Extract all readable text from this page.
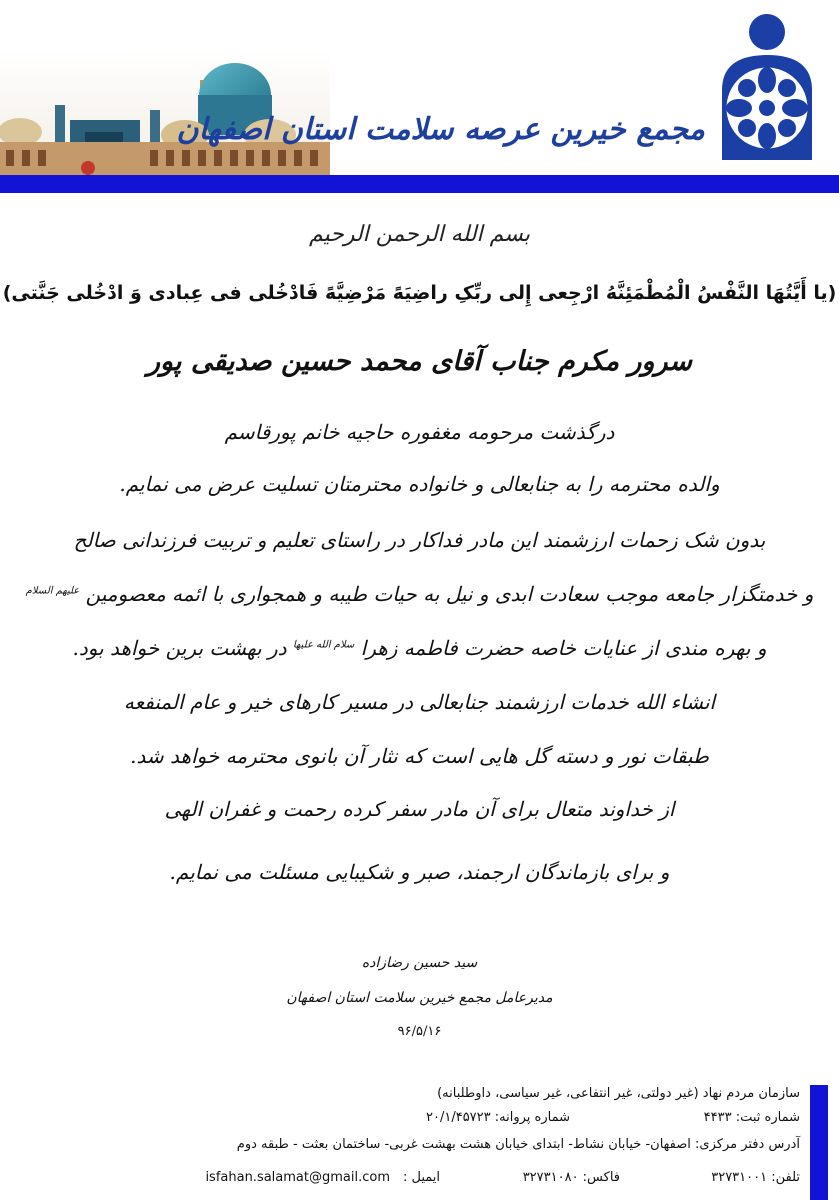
مجمع خیرین عرصه سلامت استان اصفهان
بسم الله الرحمن الرحیم
(یا أَیَّتُهَا النَّفْسُ الْمُطْمَئِنَّهُ ارْجِعی إِلى ربِّکِ راضِیَهً مَرْضِیَّهً فَادْخُلی فی عِبادی وَ ادْخُلی جَنَّتی)
سرور مکرم جناب آقای محمد حسین صدیقی پور
درگذشت مرحومه مغفوره حاجیه خانم پورقاسم
والده محترمه را به جنابعالی و خانواده محترمتان تسلیت عرض می نمایم.
بدون شک زحمات ارزشمند این مادر فداکار در راستای تعلیم و تربیت فرزندانی صالح
و خدمتگزار جامعه موجب سعادت ابدی و نیل به حیات طیبه و همجواری با ائمه معصومین $^{علیهم السلام}$
و بهره مندی از عنایات خاصه حضرت فاطمه زهرا $^{سلام الله علیها}$ در بهشت برین خواهد بود.
انشاء الله خدمات ارزشمند جنابعالی در مسیر کارهای خیر و عام المنفعه
طبقات نور و دسته گل هایی است که نثار آن بانوی محترمه خواهد شد.
از خداوند متعال برای آن مادر سفر کرده رحمت و غفران الهی
و برای بازماندگان ارجمند، صبر و شکیبایی مسئلت می نمایم.
سید حسین رضازاده
مدیرعامل مجمع خیرین سلامت استان اصفهان
۹۶/۵/۱۶
سازمان مردم نهاد (غیر دولتی، غیر انتفاعی، غیر سیاسی، داوطلبانه)
شماره ثبت: ۴۴۳۳
شماره پروانه: ۲۰/۱/۴۵۷۲۳
آدرس دفتر مرکزی: اصفهان- خیابان نشاط- ابتدای خیابان هشت بهشت غربی- ساختمان بعثت - طبقه دوم
تلفن: ۳۲۷۳۱۰۰۱
فاکس: ۳۲۷۳۱۰۸۰
ایمیل :
isfahan.salamat@gmail.com
